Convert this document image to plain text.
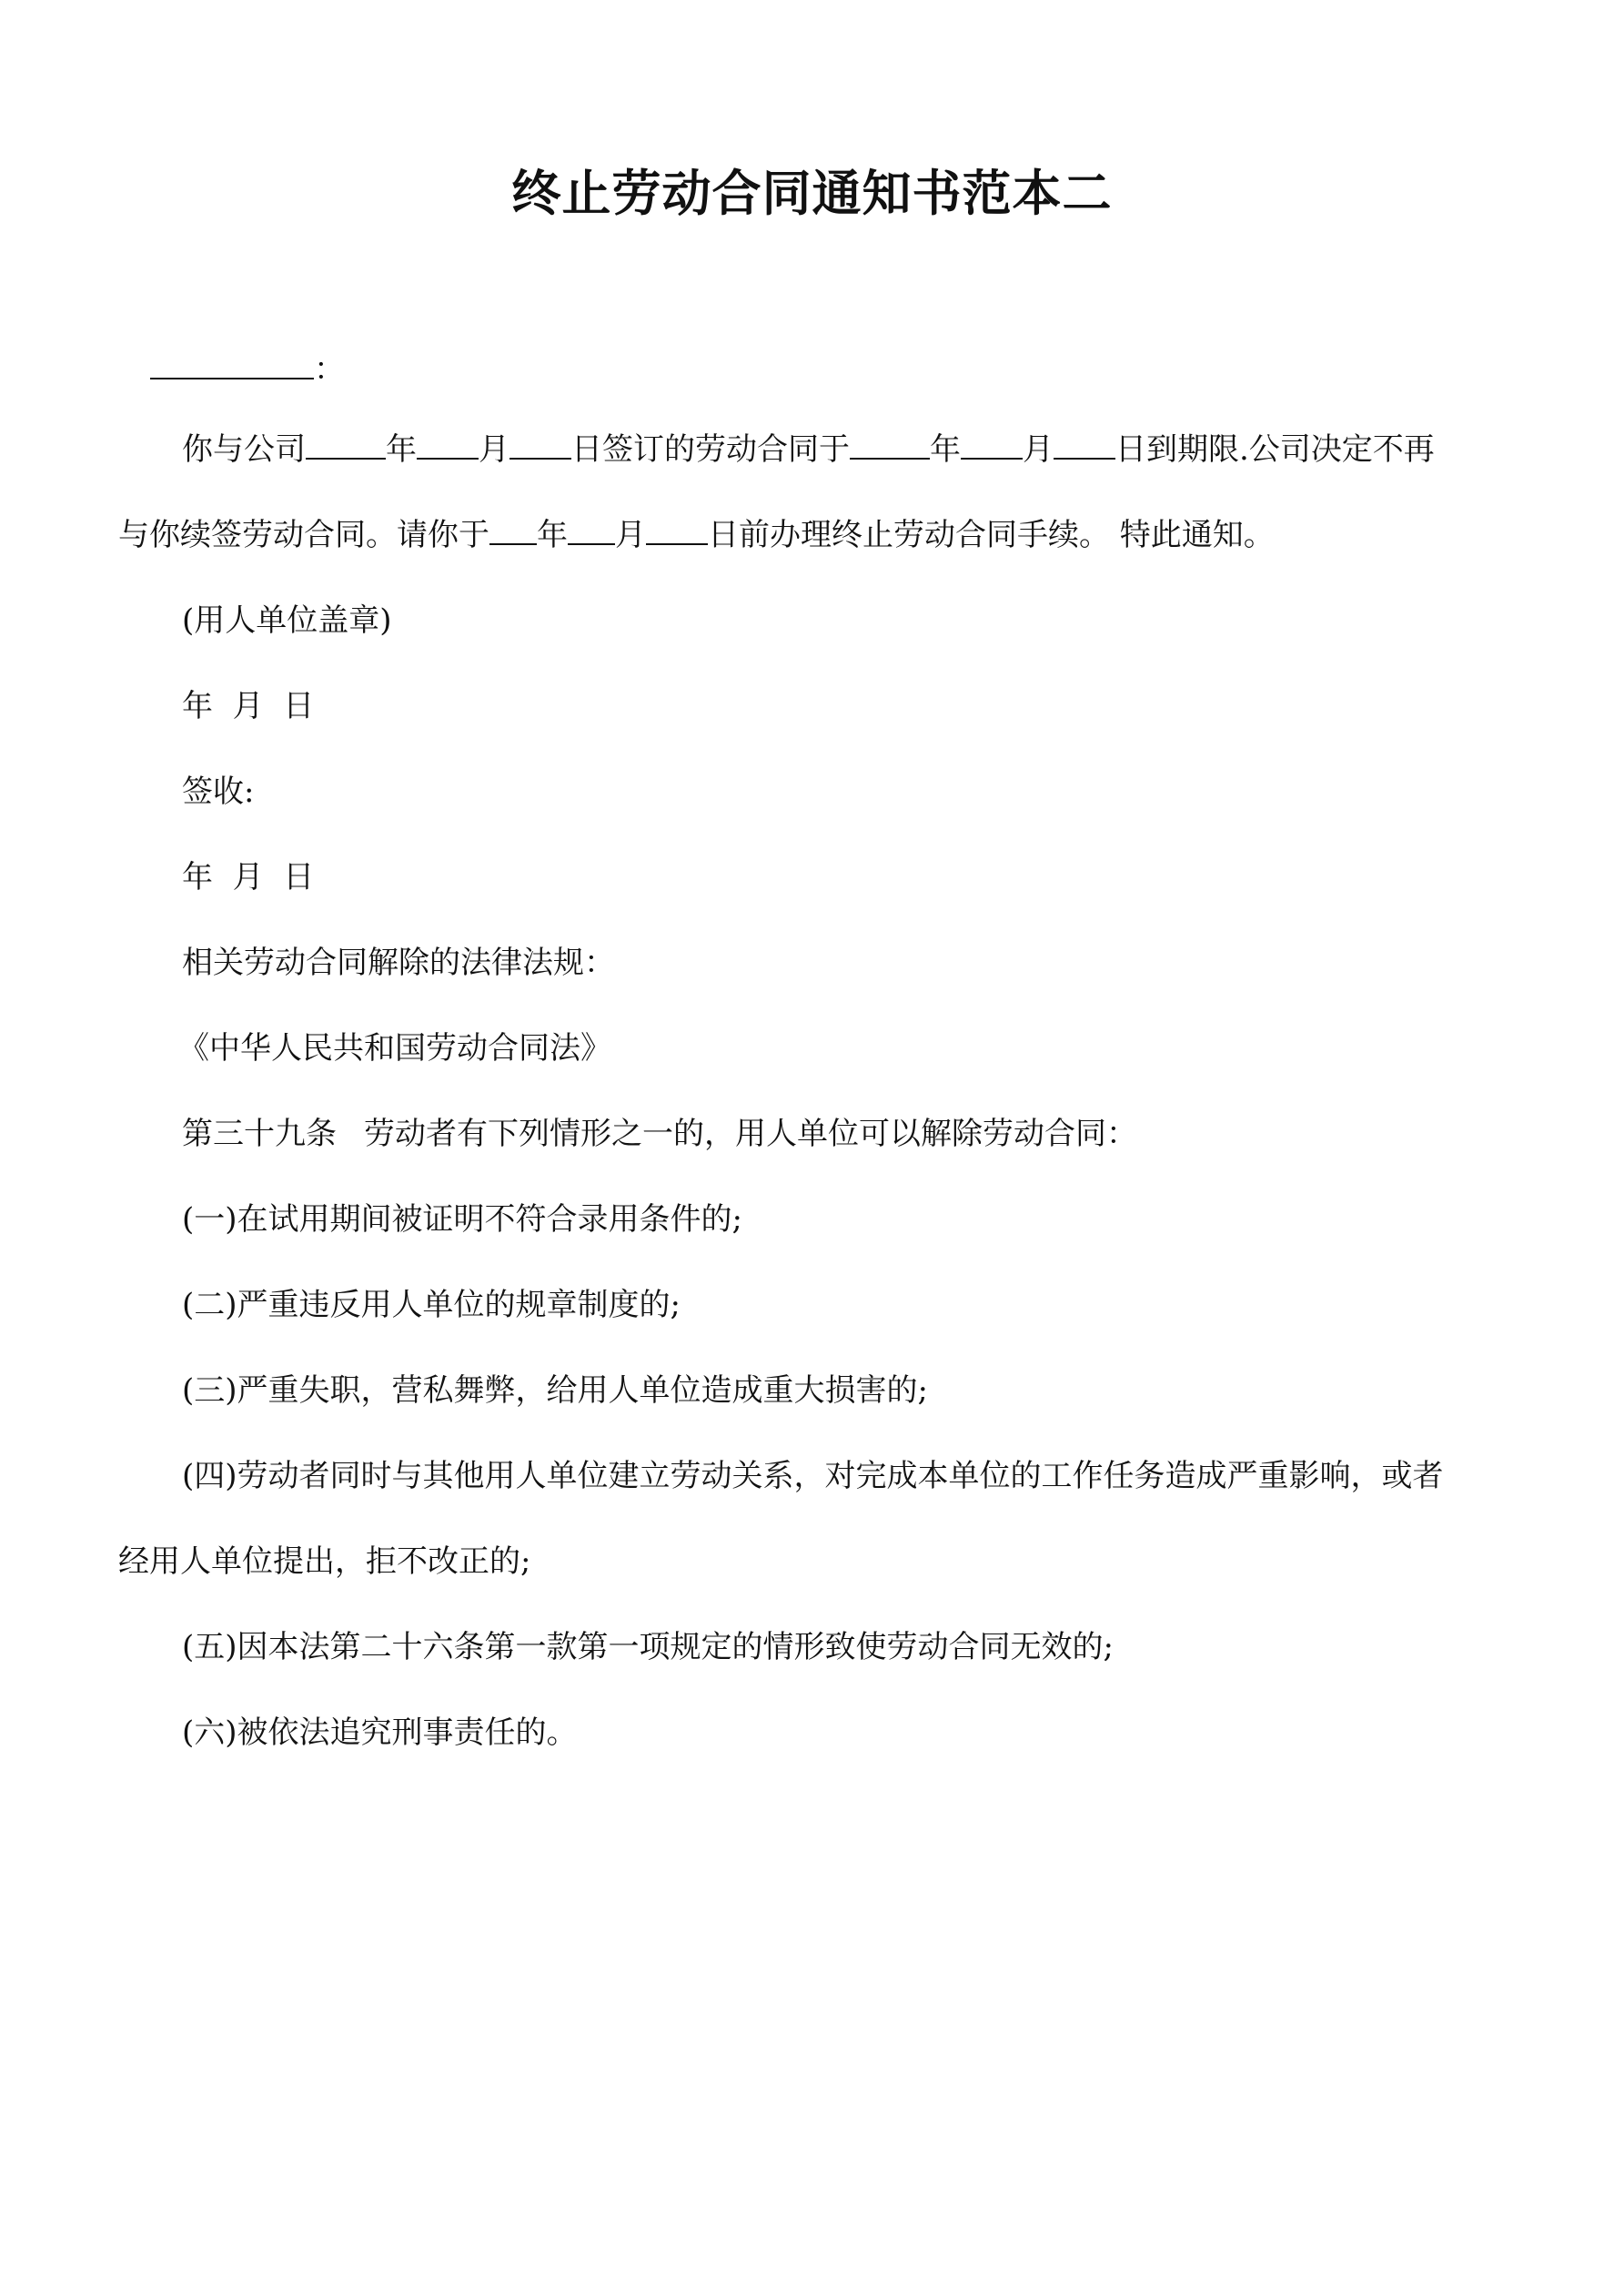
终止劳动合同通知书范本二
：
你与公司	年 月 日签订的劳动合同于	年 月 日到期限.公司决定不再
与你续签劳动合同。请你于 年 月 日前办理终止劳动合同手续。 特此通知。
(用人单位盖章)
年  月  日
签收:
年  月  日
相关劳动合同解除的法律法规：
《中华人民共和国劳动合同法》
第三十九条 劳动者有下列情形之一的，用人单位可以解除劳动合同：
(一)在试用期间被证明不符合录用条件的;
(二)严重违反用人单位的规章制度的;
(三)严重失职，营私舞弊，给用人单位造成重大损害的;
(四)劳动者同时与其他用人单位建立劳动关系，对完成本单位的工作任务造成严重影响，或者
经用人单位提出，拒不改正的;
(五)因本法第二十六条第一款第一项规定的情形致使劳动合同无效的;
(六)被依法追究刑事责任的。
